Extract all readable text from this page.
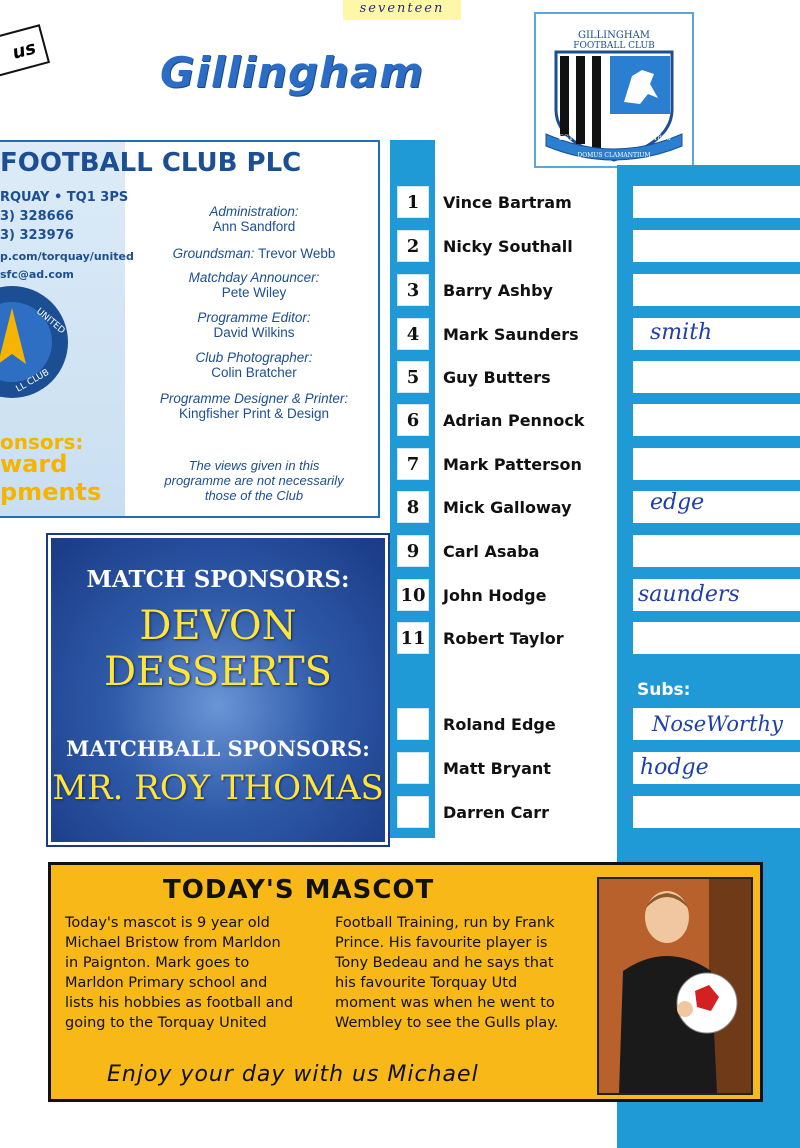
seventeen
us	Gillingham
GILLINGHAM
FOOTBALL CLUB
EST	1893
DOMUS CLAMANTIUM
FOOTBALL CLUB PLC
RQUAY • TQ1 3PS
3) 328666
3) 323976
p.com/torquay/united
sfc@ad.com
UNITED
LL CLUB
onsors:
ward
pments
Administration:
Ann Sandford
Groundsman: Trevor Webb
Matchday Announcer:
Pete Wiley
Programme Editor:
David Wilkins
Club Photographer:
Colin Bratcher
Programme Designer & Printer:
Kingfisher Print & Design
The views given in this
programme are not necessarily
those of the Club
MATCH SPONSORS:
DEVON
DESSERTS
MATCHBALL SPONSORS:
MR. ROY THOMAS
1	Vince Bartram
2	Nicky Southall
3	Barry Ashby
4	Mark Saunders	smith
5	Guy Butters
6	Adrian Pennock
7	Mark Patterson
8	Mick Galloway	edge
9	Carl Asaba
10 John Hodge	saunders
11 Robert Taylor
Subs:
Roland Edge	NoseWorthy
Matt Bryant	hodge
Darren Carr
TODAY'S MASCOT
Today's mascot is 9 year old
Michael Bristow from Marldon
in Paignton. Mark goes to
Marldon Primary school and
lists his hobbies as football and
going to the Torquay United
Football Training, run by Frank
Prince. His favourite player is
Tony Bedeau and he says that
his favourite Torquay Utd
moment was when he went to
Wembley to see the Gulls play.
Enjoy your day with us Michael
